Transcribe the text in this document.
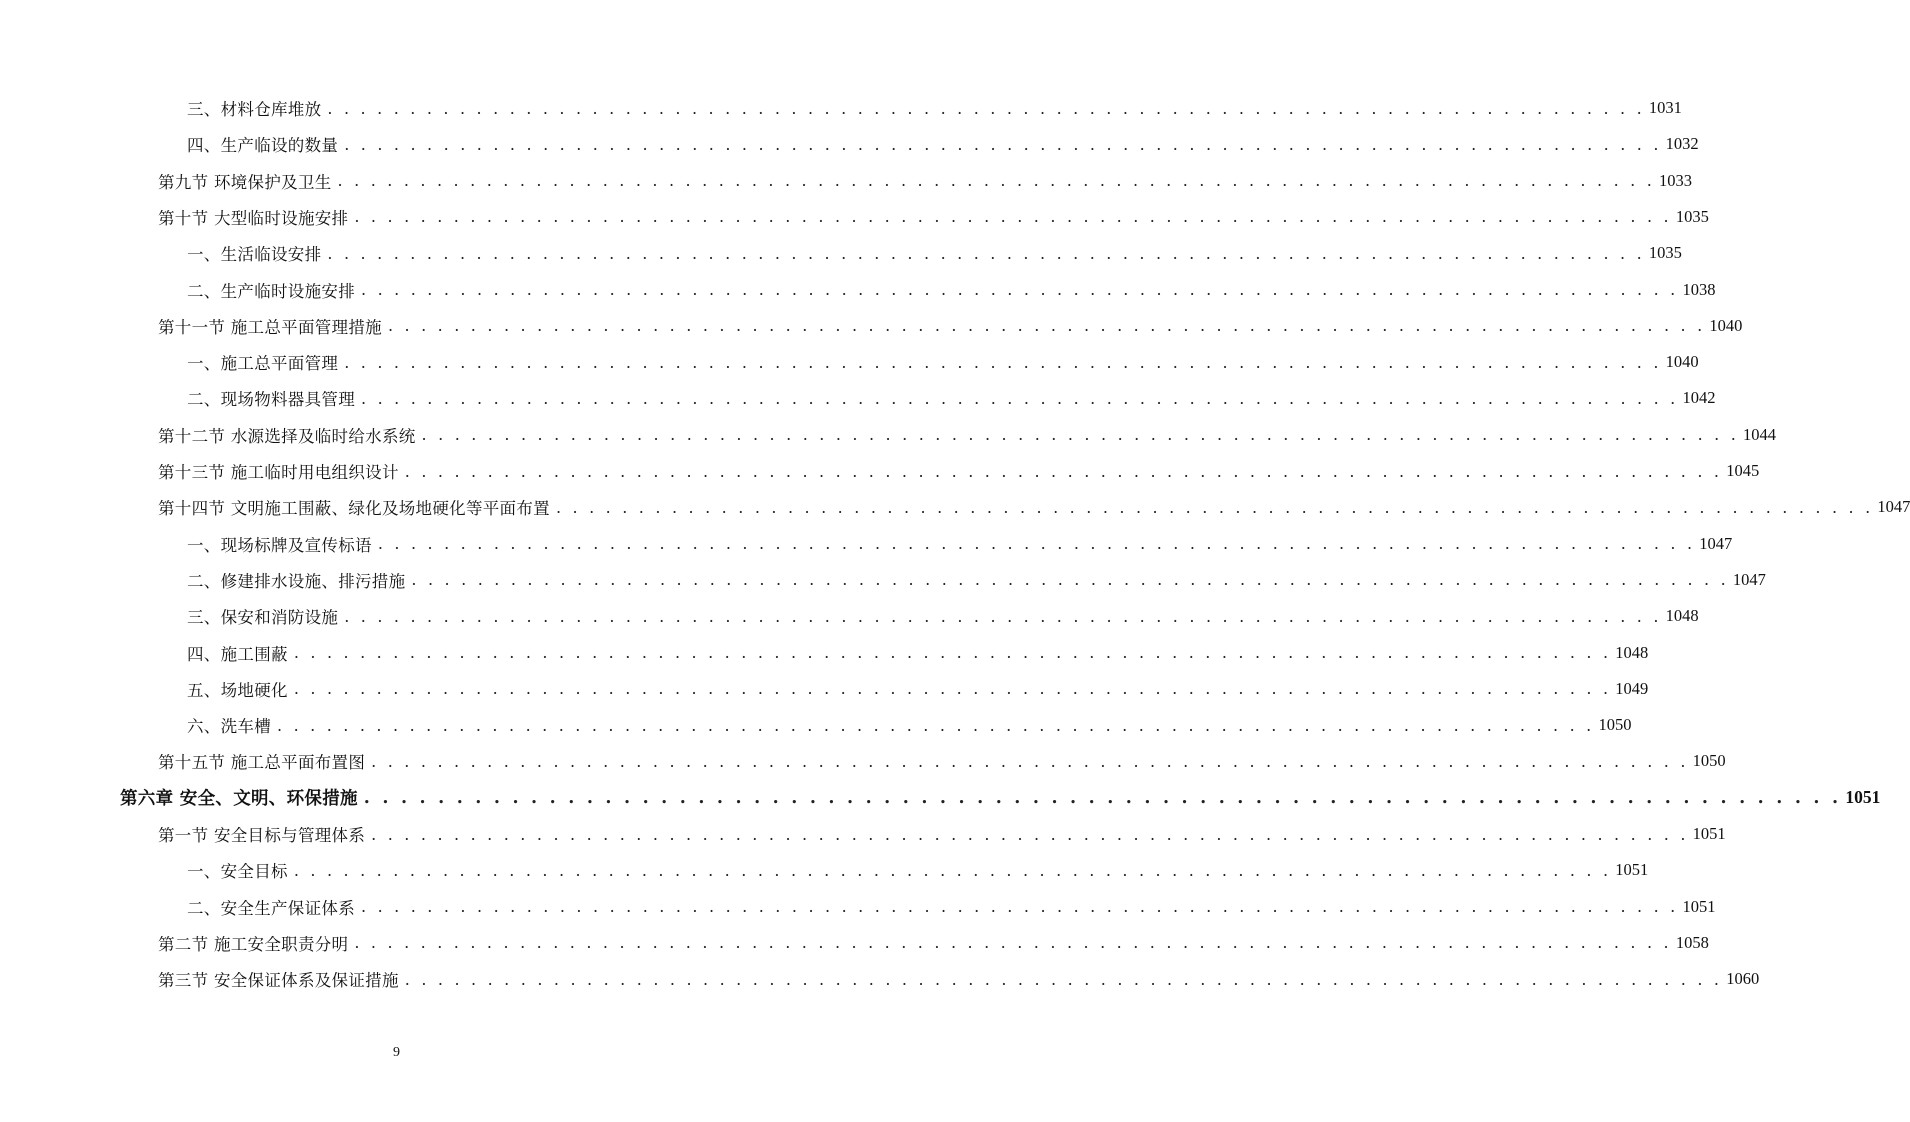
三、材料仓库堆放 . . . . . . . . . . . . . . . . . . . . . . . . . . . . . . . . . . . . . . . . . . . . . . . . . . . . . . . . . . . . . . . . . . . . . . . . . . . . . . . . 1031
四、生产临设的数量 . . . . . . . . . . . . . . . . . . . . . . . . . . . . . . . . . . . . . . . . . . . . . . . . . . . . . . . . . . . . . . . . . . . . . . . . . . . . . . . . 1032
第九节 环境保护及卫生 . . . . . . . . . . . . . . . . . . . . . . . . . . . . . . . . . . . . . . . . . . . . . . . . . . . . . . . . . . . . . . . . . . . . . . . . . . . . . . . . 1033
第十节 大型临时设施安排 . . . . . . . . . . . . . . . . . . . . . . . . . . . . . . . . . . . . . . . . . . . . . . . . . . . . . . . . . . . . . . . . . . . . . . . . . . . . . . . . 1035
一、生活临设安排 . . . . . . . . . . . . . . . . . . . . . . . . . . . . . . . . . . . . . . . . . . . . . . . . . . . . . . . . . . . . . . . . . . . . . . . . . . . . . . . . 1035
二、生产临时设施安排 . . . . . . . . . . . . . . . . . . . . . . . . . . . . . . . . . . . . . . . . . . . . . . . . . . . . . . . . . . . . . . . . . . . . . . . . . . . . . . . . 1038
第十一节 施工总平面管理措施 . . . . . . . . . . . . . . . . . . . . . . . . . . . . . . . . . . . . . . . . . . . . . . . . . . . . . . . . . . . . . . . . . . . . . . . . . . . . . . . . 1040
一、施工总平面管理 . . . . . . . . . . . . . . . . . . . . . . . . . . . . . . . . . . . . . . . . . . . . . . . . . . . . . . . . . . . . . . . . . . . . . . . . . . . . . . . . 1040
二、现场物料器具管理 . . . . . . . . . . . . . . . . . . . . . . . . . . . . . . . . . . . . . . . . . . . . . . . . . . . . . . . . . . . . . . . . . . . . . . . . . . . . . . . . 1042
第十二节 水源选择及临时给水系统 . . . . . . . . . . . . . . . . . . . . . . . . . . . . . . . . . . . . . . . . . . . . . . . . . . . . . . . . . . . . . . . . . . . . . . . . . . . . . . . . 1044
第十三节 施工临时用电组织设计 . . . . . . . . . . . . . . . . . . . . . . . . . . . . . . . . . . . . . . . . . . . . . . . . . . . . . . . . . . . . . . . . . . . . . . . . . . . . . . . . 1045
第十四节 文明施工围蔽、绿化及场地硬化等平面布置 . . . . . . . . . . . . . . . . . . . . . . . . . . . . . . . . . . . . . . . . . . . . . . . . . . . . . . . . . . . . . . . . . . . . . . . . . . . . . . . . 1047
一、现场标牌及宣传标语 . . . . . . . . . . . . . . . . . . . . . . . . . . . . . . . . . . . . . . . . . . . . . . . . . . . . . . . . . . . . . . . . . . . . . . . . . . . . . . . . 1047
二、修建排水设施、排污措施 . . . . . . . . . . . . . . . . . . . . . . . . . . . . . . . . . . . . . . . . . . . . . . . . . . . . . . . . . . . . . . . . . . . . . . . . . . . . . . . . 1047
三、保安和消防设施 . . . . . . . . . . . . . . . . . . . . . . . . . . . . . . . . . . . . . . . . . . . . . . . . . . . . . . . . . . . . . . . . . . . . . . . . . . . . . . . . 1048
四、施工围蔽 . . . . . . . . . . . . . . . . . . . . . . . . . . . . . . . . . . . . . . . . . . . . . . . . . . . . . . . . . . . . . . . . . . . . . . . . . . . . . . . . 1048
五、场地硬化 . . . . . . . . . . . . . . . . . . . . . . . . . . . . . . . . . . . . . . . . . . . . . . . . . . . . . . . . . . . . . . . . . . . . . . . . . . . . . . . . 1049
六、洗车槽 . . . . . . . . . . . . . . . . . . . . . . . . . . . . . . . . . . . . . . . . . . . . . . . . . . . . . . . . . . . . . . . . . . . . . . . . . . . . . . . . 1050
第十五节 施工总平面布置图 . . . . . . . . . . . . . . . . . . . . . . . . . . . . . . . . . . . . . . . . . . . . . . . . . . . . . . . . . . . . . . . . . . . . . . . . . . . . . . . . 1050
第六章 安全、文明、环保措施 . . . . . . . . . . . . . . . . . . . . . . . . . . . . . . . . . . . . . . . . . . . . . . . . . . . . . . . . . . . . . . . . . . . . . . . . . . . . . . . . 1051
第一节 安全目标与管理体系 . . . . . . . . . . . . . . . . . . . . . . . . . . . . . . . . . . . . . . . . . . . . . . . . . . . . . . . . . . . . . . . . . . . . . . . . . . . . . . . . 1051
一、安全目标 . . . . . . . . . . . . . . . . . . . . . . . . . . . . . . . . . . . . . . . . . . . . . . . . . . . . . . . . . . . . . . . . . . . . . . . . . . . . . . . . 1051
二、安全生产保证体系 . . . . . . . . . . . . . . . . . . . . . . . . . . . . . . . . . . . . . . . . . . . . . . . . . . . . . . . . . . . . . . . . . . . . . . . . . . . . . . . . 1051
第二节 施工安全职责分明 . . . . . . . . . . . . . . . . . . . . . . . . . . . . . . . . . . . . . . . . . . . . . . . . . . . . . . . . . . . . . . . . . . . . . . . . . . . . . . . . 1058
第三节 安全保证体系及保证措施 . . . . . . . . . . . . . . . . . . . . . . . . . . . . . . . . . . . . . . . . . . . . . . . . . . . . . . . . . . . . . . . . . . . . . . . . . . . . . . . . 1060
9
